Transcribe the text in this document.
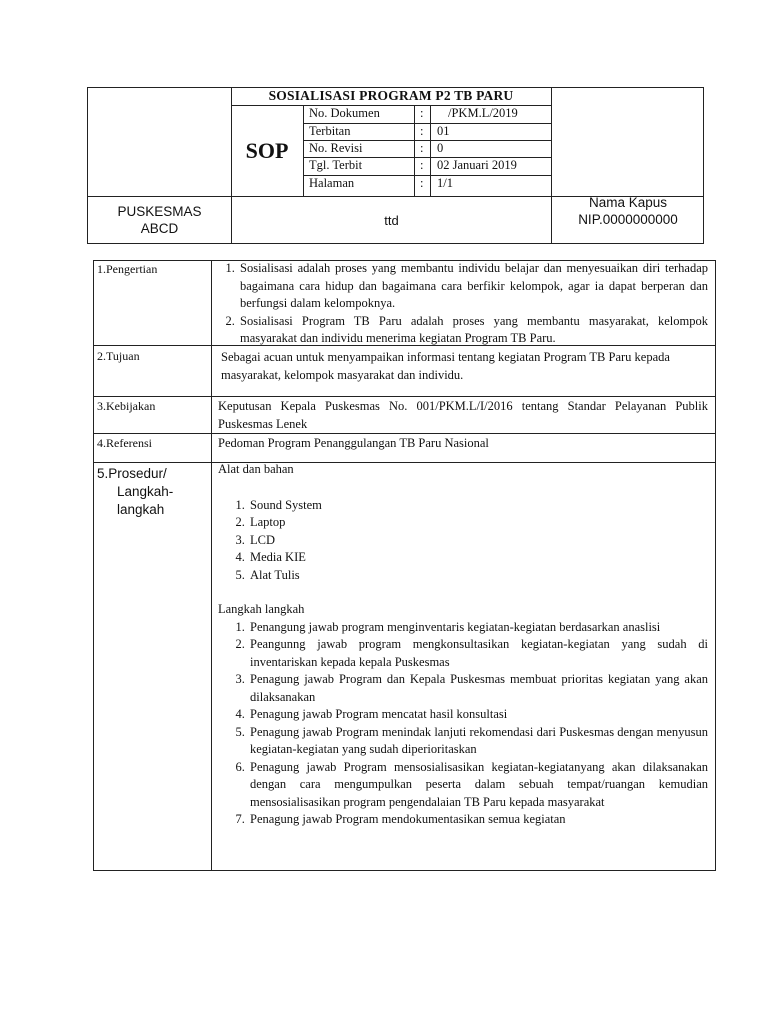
SOSIALISASI PROGRAM P2 TB PARU
SOP
No. Dokumen	: /PKM.L/2019
Terbitan	: 01
No. Revisi	: 0
Tgl. Terbit	: 02 Januari 2019
Halaman	: 1/1
PUSKESMAS
ABCD
ttd
Nama Kapus
NIP.0000000000
1.Pengertian
1.	Sosialisasi adalah proses yang membantu individu belajar dan menyesuaikan diri terhadap bagaimana cara hidup dan bagaimana cara berfikir kelompok, agar ia dapat berperan dan berfungsi dalam kelompoknya.
2. Sosialisasi Program TB Paru adalah proses yang membantu masyarakat, kelompok masyarakat dan individu menerima kegiatan Program TB Paru.
2.Tujuan	Sebagai acuan untuk menyampaikan informasi tentang kegiatan Program TB Paru kepada masyarakat, kelompok masyarakat dan individu.
3.Kebijakan	Keputusan Kepala Puskesmas No. 001/PKM.L/I/2016 tentang Standar Pelayanan Publik Puskesmas Lenek
4.Referensi	Pedoman Program Penanggulangan TB Paru Nasional
5.Prosedur/
Langkah-
langkah
Alat dan bahan
1. Sound System
2. Laptop
3. LCD
4. Media KIE
5. Alat Tulis
Langkah langkah
1. Penangung jawab program menginventaris kegiatan-kegiatan berdasarkan anaslisi
2. Peangunng jawab program mengkonsultasikan kegiatan-kegiatan yang sudah di inventariskan kepada kepala Puskesmas
3. Penagung jawab Program dan Kepala Puskesmas membuat prioritas kegiatan yang akan dilaksanakan
4. Penagung jawab Program mencatat hasil konsultasi
5. Penagung jawab Program menindak lanjuti rekomendasi dari Puskesmas dengan menyusun kegiatan-kegiatan yang sudah diperioritaskan
6. Penagung jawab Program mensosialisasikan kegiatan-kegiatanyang akan dilaksanakan dengan cara mengumpulkan peserta dalam sebuah tempat/ruangan kemudian mensosialisasikan program pengendalaian TB Paru kepada masyarakat
7. Penagung jawab Program mendokumentasikan semua kegiatan
